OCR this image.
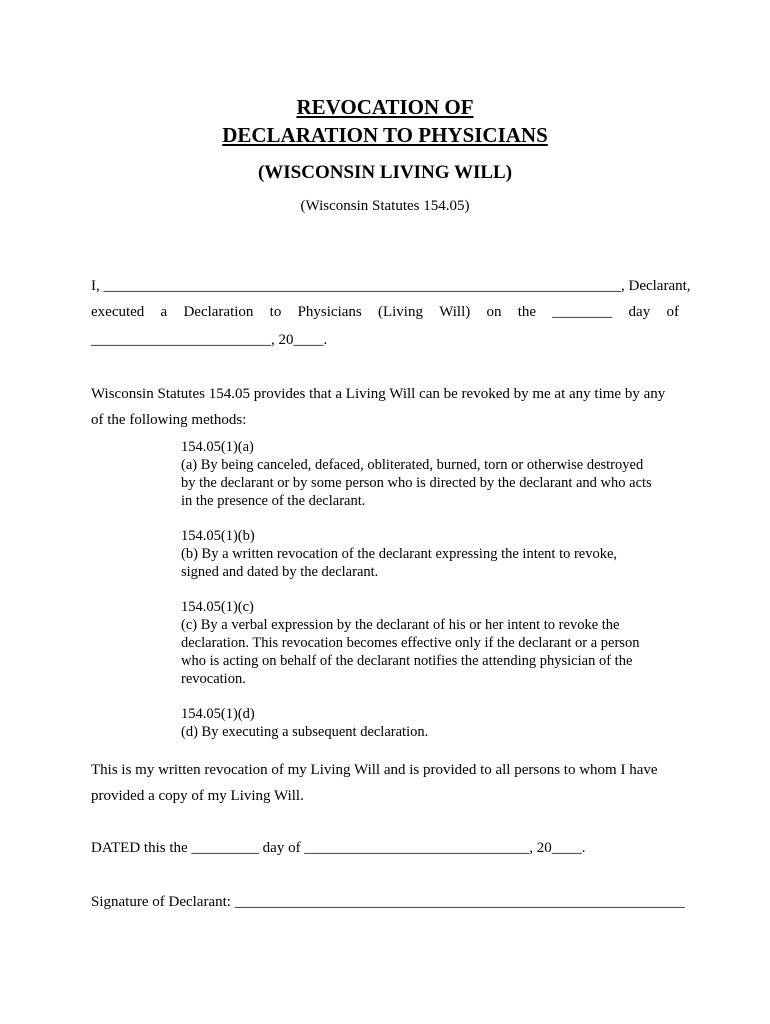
REVOCATION OF
DECLARATION TO PHYSICIANS
(WISCONSIN LIVING WILL)
(Wisconsin Statutes 154.05)
I, _____________________________________________________________________, Declarant,
executed a Declaration to Physicians (Living Will) on the ________ day of
________________________, 20____.
Wisconsin Statutes 154.05 provides that a Living Will can be revoked by me at any time by any
of the following methods:
154.05(1)(a)
(a) By being canceled, defaced, obliterated, burned, torn or otherwise destroyed
by the declarant or by some person who is directed by the declarant and who acts
in the presence of the declarant.
154.05(1)(b)
(b) By a written revocation of the declarant expressing the intent to revoke,
signed and dated by the declarant.
154.05(1)(c)
(c) By a verbal expression by the declarant of his or her intent to revoke the
declaration. This revocation becomes effective only if the declarant or a person
who is acting on behalf of the declarant notifies the attending physician of the
revocation.
154.05(1)(d)
(d) By executing a subsequent declaration.
This is my written revocation of my Living Will and is provided to all persons to whom I have
provided a copy of my Living Will.
DATED this the _________ day of ______________________________, 20____.
Signature of Declarant: ____________________________________________________________
